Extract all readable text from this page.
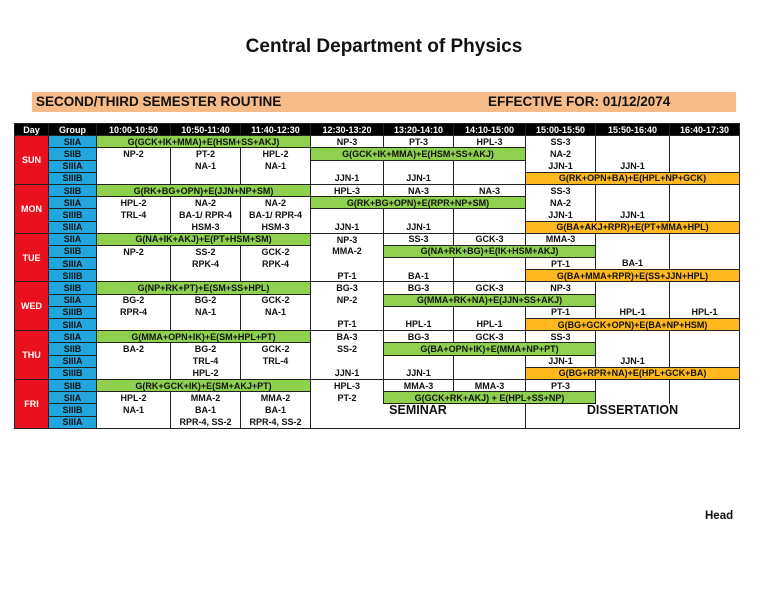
Central Department of Physics
SECOND/THIRD SEMESTER ROUTINE	EFFECTIVE FOR: 01/12/2074
Day	Group	10:00-10:50	10:50-11:40	11:40-12:30	12:30-13:20	13:20-14:10	14:10-15:00	15:00-15:50	15:50-16:40	16:40-17:30
SUN	SIIA	G(GCK+IK+MMA)+E(HSM+SS+AKJ)			NP-3	PT-3	HPL-3	SS-3		
	SIIB	NP-2	PT-2	HPL-2	G(GCK+IK+MMA)+E(HSM+SS+AKJ)			NA-2		
	SIIIA		NA-1	NA-1				JJN-1	JJN-1	
	SIIIB				JJN-1	JJN-1		G(RK+OPN+BA)+E(HPL+NP+GCK)		
MON	SIIB	G(RK+BG+OPN)+E(JJN+NP+SM)			HPL-3	NA-3	NA-3	SS-3		
	SIIA	HPL-2	NA-2	NA-2	G(RK+BG+OPN)+E(RPR+NP+SM)			NA-2		
	SIIIB	TRL-4	BA-1/ RPR-4	BA-1/ RPR-4				JJN-1	JJN-1	
	SIIIA		HSM-3	HSM-3	JJN-1	JJN-1		G(BA+AKJ+RPR)+E(PT+MMA+HPL)		
TUE	SIIA	G(NA+IK+AKJ)+E(PT+HSM+SM)			NP-3	SS-3	GCK-3	MMA-3		
	SIIB	NP-2	SS-2	GCK-2	MMA-2	G(NA+RK+BG)+E(IK+HSM+AKJ)				
	SIIIA		RPK-4	RPK-4				PT-1	BA-1	
	SIIIB				PT-1	BA-1		G(BA+MMA+RPR)+E(SS+JJN+HPL)		
WED	SIIB	G(NP+RK+PT)+E(SM+SS+HPL)			BG-3	BG-3	GCK-3	NP-3		
	SIIA	BG-2	BG-2	GCK-2	NP-2	G(MMA+RK+NA)+E(JJN+SS+AKJ)				
	SIIIB	RPR-4	NA-1	NA-1				PT-1	HPL-1	HPL-1
	SIIIA				PT-1	HPL-1	HPL-1	G(BG+GCK+OPN)+E(BA+NP+HSM)		
THU	SIIA	G(MMA+OPN+IK)+E(SM+HPL+PT)			BA-3	BG-3	GCK-3	SS-3		
	SIIB	BA-2	BG-2	GCK-2	SS-2	G(BA+OPN+IK)+E(MMA+NP+PT)				
	SIIIA		TRL-4	TRL-4				JJN-1	JJN-1	
	SIIIB		HPL-2		JJN-1	JJN-1		G(BG+RPR+NA)+E(HPL+GCK+BA)		
FRI	SIIB	G(RK+GCK+IK)+E(SM+AKJ+PT)			HPL-3	MMA-3	MMA-3	PT-3		
	SIIA	HPL-2	MMA-2	MMA-2	PT-2	G(GCK+RK+AKJ) + E(HPL+SS+NP)				
	SIIIB	NA-1	BA-1	BA-1	SEMINAR			DISSERTATION		
	SIIIA		RPR-4, SS-2	RPR-4, SS-2						
Head
